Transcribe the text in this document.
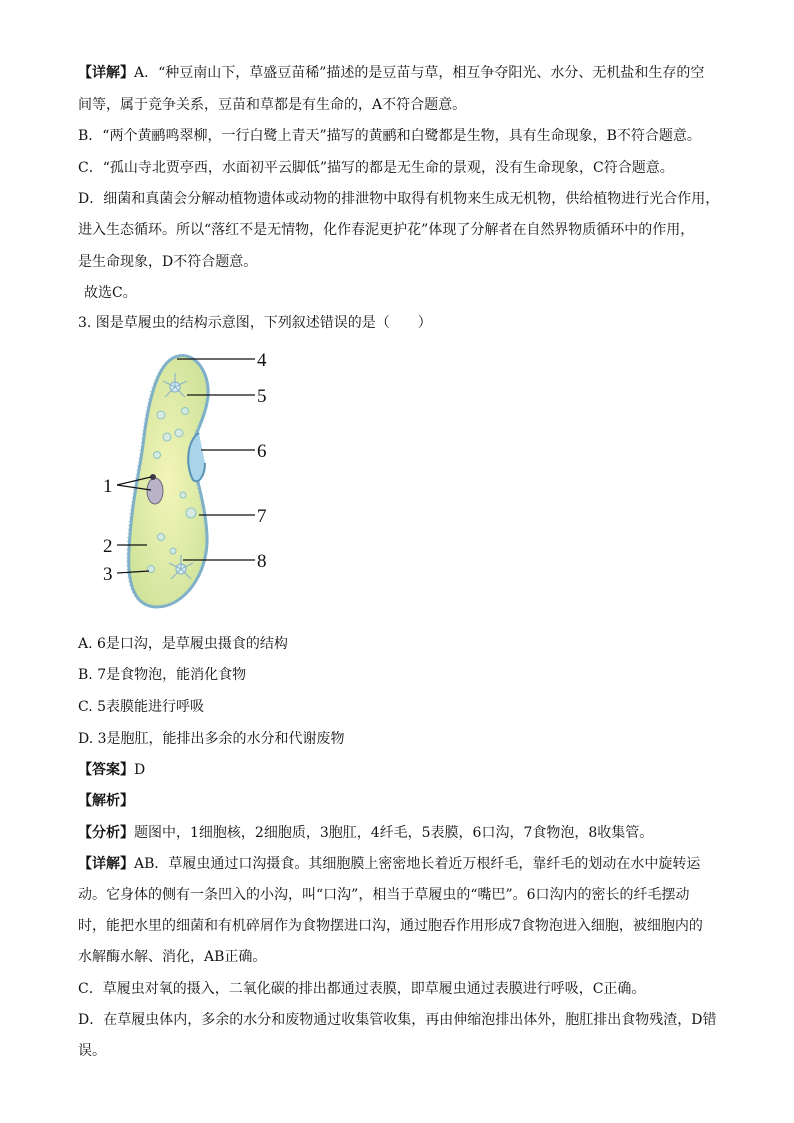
【详解】A．“种豆南山下，草盛豆苗稀”描述的是豆苗与草，相互争夺阳光、水分、无机盐和生存的空
间等，属于竞争关系，豆苗和草都是有生命的，A不符合题意。
B．“两个黄鹂鸣翠柳，一行白鹭上青天”描写的黄鹂和白鹭都是生物，具有生命现象，B不符合题意。
C．“孤山寺北贾亭西，水面初平云脚低”描写的都是无生命的景观，没有生命现象，C符合题意。
D．细菌和真菌会分解动植物遗体或动物的排泄物中取得有机物来生成无机物，供给植物进行光合作用，
进入生态循环。所以“落红不是无情物，化作春泥更护花”体现了分解者在自然界物质循环中的作用，
是生命现象，D不符合题意。
故选C。
3. 图是草履虫的结构示意图，下列叙述错误的是（　　）
4
5
6
7
8
1
2
3
A. 6是口沟，是草履虫摄食的结构
B. 7是食物泡，能消化食物
C. 5表膜能进行呼吸
D. 3是胞肛，能排出多余的水分和代谢废物
【答案】D
【解析】
【分析】题图中，1细胞核，2细胞质，3胞肛，4纤毛，5表膜，6口沟，7食物泡，8收集管。
【详解】AB．草履虫通过口沟摄食。其细胞膜上密密地长着近万根纤毛，靠纤毛的划动在水中旋转运
动。它身体的侧有一条凹入的小沟，叫“口沟”，相当于草履虫的“嘴巴”。6口沟内的密长的纤毛摆动
时，能把水里的细菌和有机碎屑作为食物摆进口沟，通过胞吞作用形成7食物泡进入细胞，被细胞内的
水解酶水解、消化，AB正确。
C．草履虫对氧的摄入，二氧化碳的排出都通过表膜，即草履虫通过表膜进行呼吸，C正确。
D．在草履虫体内，多余的水分和废物通过收集管收集，再由伸缩泡排出体外，胞肛排出食物残渣，D错
误。
